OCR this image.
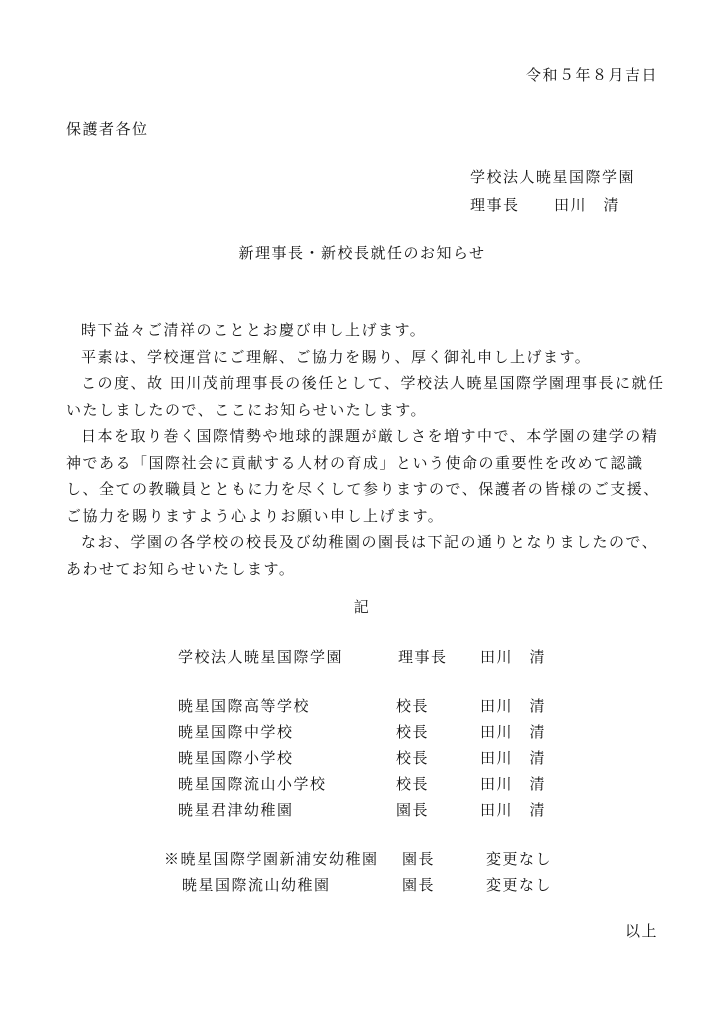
令和５年８月吉日
保護者各位
学校法人暁星国際学園
理事長 田川　清
新理事長・新校長就任のお知らせ

時下益々ご清祥のこととお慶び申し上げます。

平素は、学校運営にご理解、ご協力を賜り、厚く御礼申し上げます。

この度、故 田川茂前理事長の後任として、学校法人暁星国際学園理事長に就任いたしましたので、ここにお知らせいたします。

日本を取り巻く国際情勢や地球的課題が厳しさを増す中で、本学園の建学の精神である「国際社会に貢献する人材の育成」という使命の重要性を改めて認識し、全ての教職員とともに力を尽くして参りますので、保護者の皆様のご支援、ご協力を賜りますよう心よりお願い申し上げます。

なお、学園の各学校の校長及び幼稚園の園長は下記の通りとなりましたので、あわせてお知らせいたします。

記
学校法人暁星国際学園	理事長 田川　清
暁星国際高等学校	校長	田川　清
暁星国際中学校	校長	田川　清
暁星国際小学校	校長	田川　清
暁星国際流山小学校	校長	田川　清
暁星君津幼稚園	園長	田川　清
※暁星国際学園新浦安幼稚園 園長	変更なし
暁星国際流山幼稚園	園長	変更なし
以上
